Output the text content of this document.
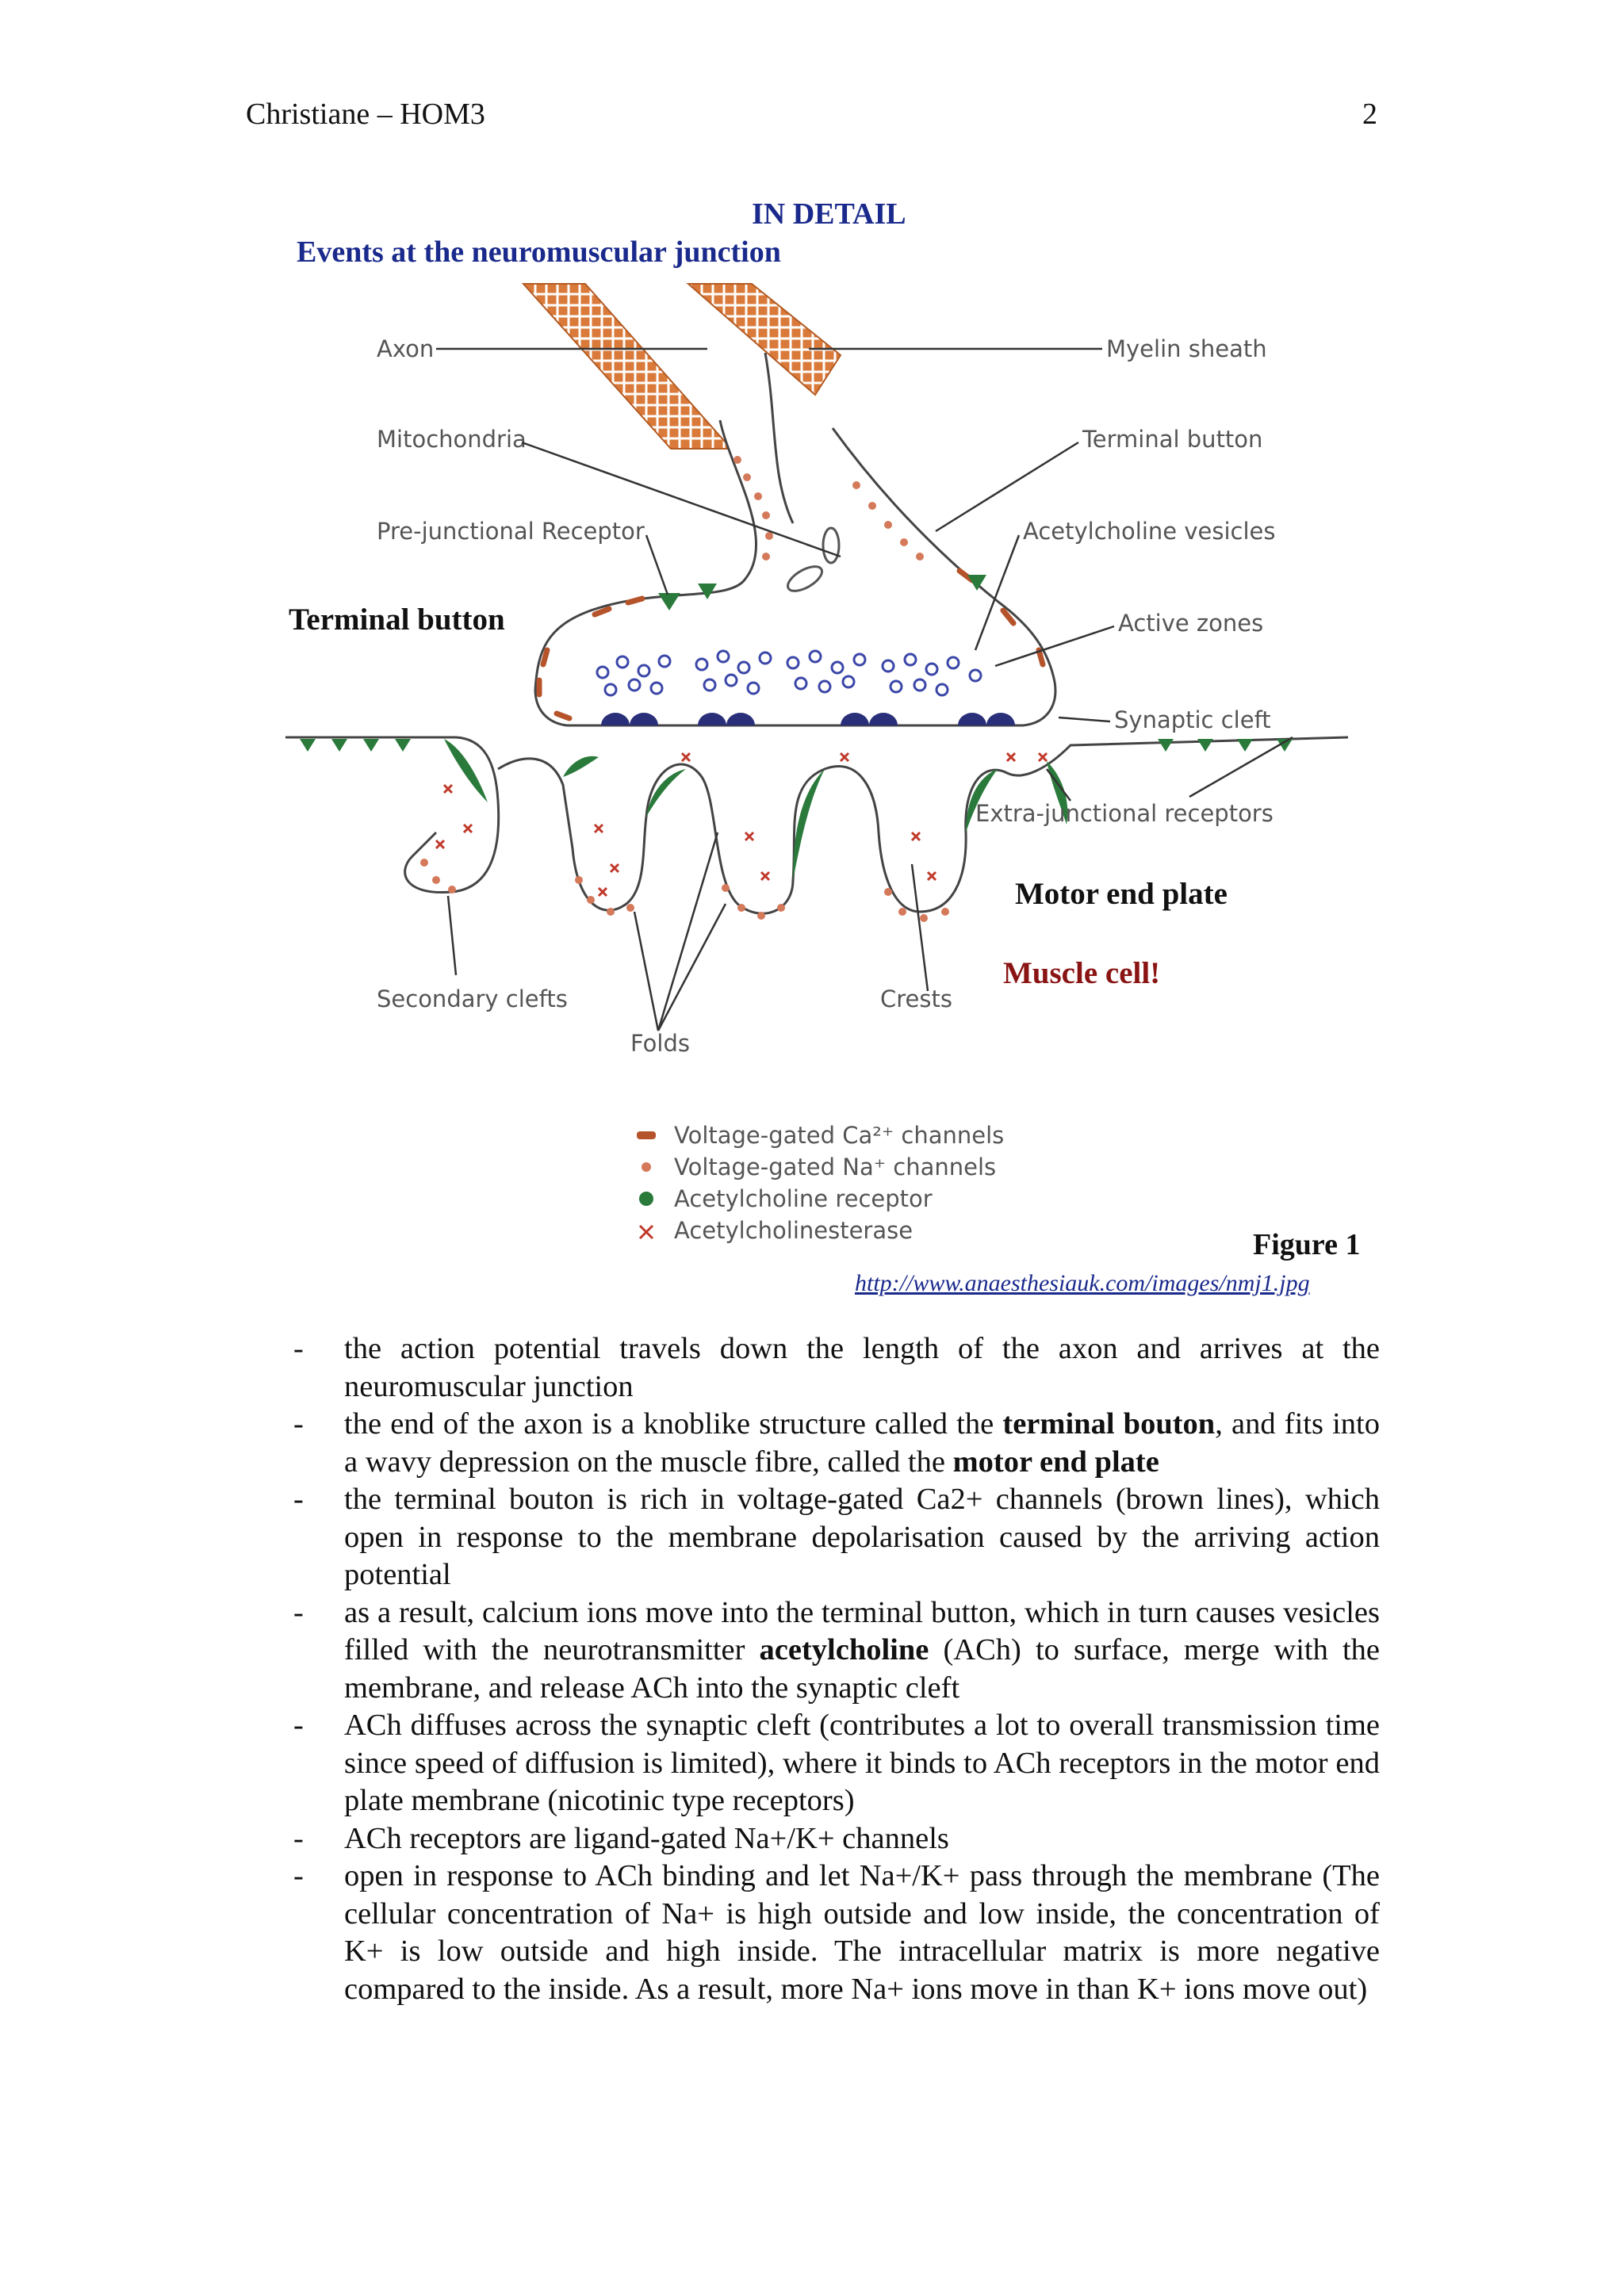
Christiane – HOM3	2
IN DETAIL
Events at the neuromuscular junction
Axon	Myelin sheath
Mitochondria	Terminal button
Pre-junctional Receptor	Acetylcholine vesicles
Active zones
Synaptic cleft
Extra-junctional receptors
Secondary clefts	Crests
Folds
Terminal button
Motor end plate
Muscle cell!
Voltage-gated Ca²⁺ channels
Voltage-gated Na⁺ channels
Acetylcholine receptor
Acetylcholinesterase	Figure 1
http://www.anaesthesiauk.com/images/nmj1.jpg
- the action potential travels down the length of the axon and arrives at the neuromuscular junction
- the end of the axon is a knoblike structure called the terminal bouton, and fits into a wavy depression on the muscle fibre, called the motor end plate
- the terminal bouton is rich in voltage-gated Ca2+ channels (brown lines), which open in response to the membrane depolarisation caused by the arriving action potential
- as a result, calcium ions move into the terminal button, which in turn causes vesicles filled with the neurotransmitter acetylcholine (ACh) to surface, merge with the membrane, and release ACh into the synaptic cleft
- ACh diffuses across the synaptic cleft (contributes a lot to overall transmission time since speed of diffusion is limited), where it binds to ACh receptors in the motor end plate membrane (nicotinic type receptors)
- ACh receptors are ligand-gated Na+/K+ channels
- open in response to ACh binding and let Na+/K+ pass through the membrane (The cellular concentration of Na+ is high outside and low inside, the concentration of K+ is low outside and high inside. The intracellular matrix is more negative compared to the inside. As a result, more Na+ ions move in than K+ ions move out)
